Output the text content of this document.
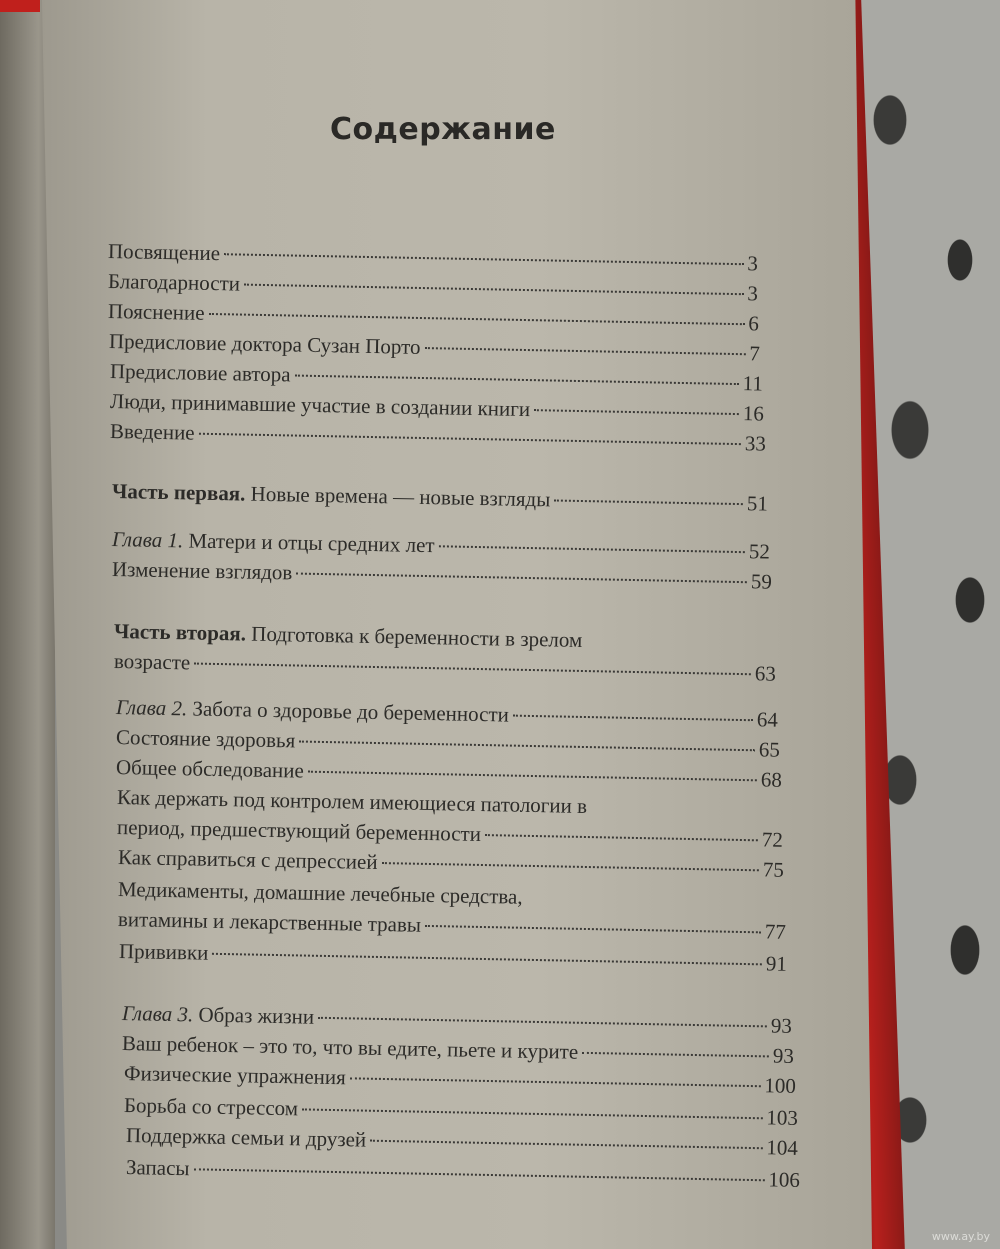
Содержание
Посвящение	3
Благодарности	3
Пояснение	6
Предисловие доктора Сузан Порто	7
Предисловие автора	11
Люди, принимавшие участие в создании книги	16
Введение	33
Часть первая. Новые времена — новые взгляды	51
Глава 1. Матери и отцы средних лет	52
Изменение взглядов	59
Часть вторая. Подготовка к беременности в зрелом
возрасте	63
Глава 2. Забота о здоровье до беременности	64
Состояние здоровья	65
Общее обследование	68
Как держать под контролем имеющиеся патологии в
период, предшествующий беременности	72
Как справиться с депрессией	75
Медикаменты, домашние лечебные средства,
витамины и лекарственные травы	77
Прививки	91
Глава 3. Образ жизни	93
Ваш ребенок – это то, что вы едите, пьете и курите	93
Физические упражнения	100
Борьба со стрессом	103
Поддержка семьи и друзей	104
Запасы	106
www.ay.by
